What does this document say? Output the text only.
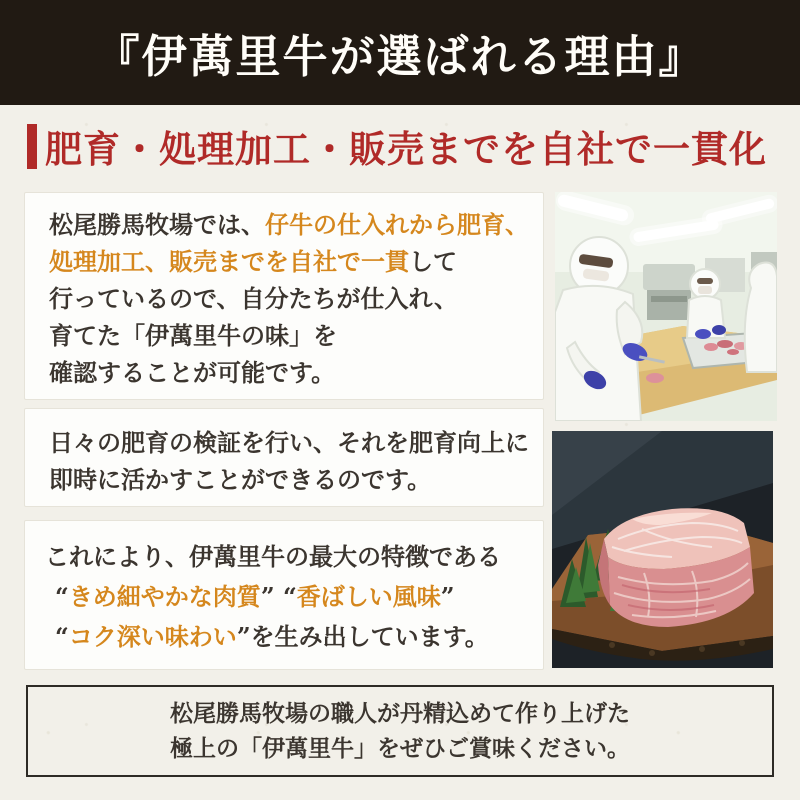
『伊萬里牛が選ばれる理由』
肥育・処理加工・販売までを自社で一貫化
松尾勝馬牧場では、仔牛の仕入れから肥育、
処理加工、販売までを自社で一貫して
行っているので、自分たちが仕入れ、
育てた「伊萬里牛の味」を
確認することが可能です。
日々の肥育の検証を行い、それを肥育向上に
即時に活かすことができるのです。
これにより、伊萬里牛の最大の特徴である
“きめ細やかな肉質” “香ばしい風味”
“コク深い味わい”を生み出しています。
松尾勝馬牧場の職人が丹精込めて作り上げた
極上の「伊萬里牛」をぜひご賞味ください。
